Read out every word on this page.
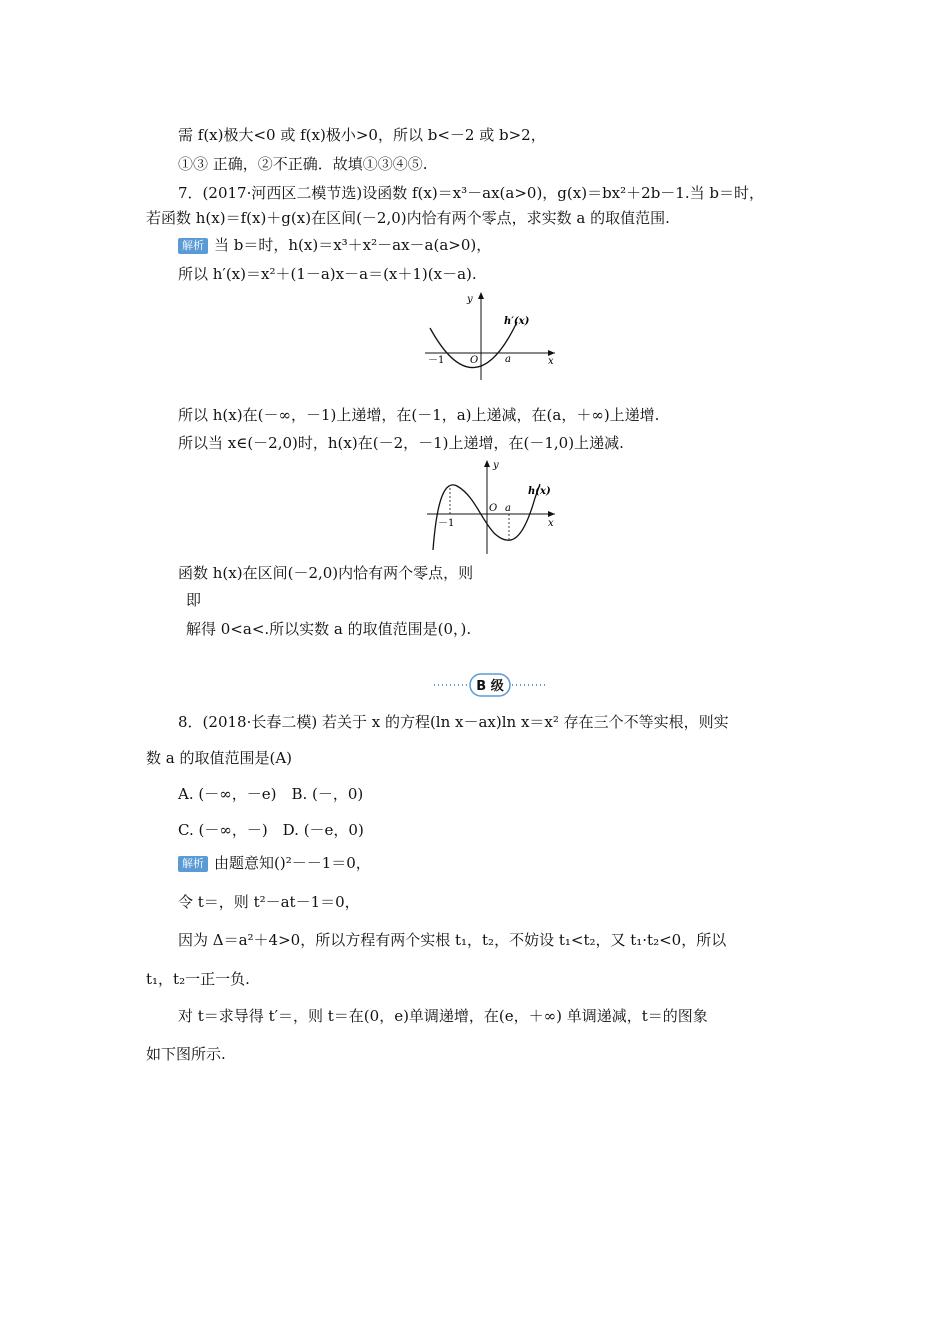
需 f(x)极大<0 或 f(x)极小>0，所以 b<－2 或 b>2，
①③ 正确，②不正确．故填①③④⑤.
7．(2017·河西区二模节选)设函数 f(x)＝x³－ax(a>0)，g(x)＝bx²＋2b－1.当 b＝时，
若函数 h(x)＝f(x)＋g(x)在区间(－2,0)内恰有两个零点，求实数 a 的取值范围.
解析 当 b＝时，h(x)＝x³＋x²－ax－a(a>0)，
所以 h′(x)＝x²＋(1－a)x－a＝(x＋1)(x－a).
y
x
h′(x)
O	a
－1
所以 h(x)在(－∞，－1)上递增，在(－1，a)上递减，在(a，＋∞)上递增.
所以当 x∈(－2,0)时，h(x)在(－2，－1)上递增，在(－1,0)上递减.
y
x
h(x)
O a
－1
函数 h(x)在区间(－2,0)内恰有两个零点，则
即
解得 0<a<.所以实数 a 的取值范围是(0，).
B 级
8．(2018·长春二模) 若关于 x 的方程(ln x－ax)ln x＝x² 存在三个不等实根，则实
数 a 的取值范围是(A)
A. (－∞，－e)　B. (－，0)
C. (－∞，－)　D. (－e，0)
解析 由题意知()²－－1＝0，
令 t＝，则 t²－at－1＝0，
因为 Δ＝a²＋4>0，所以方程有两个实根 t₁，t₂，不妨设 t₁<t₂，又 t₁·t₂<0，所以
t₁，t₂一正一负.
对 t＝求导得 t′＝，则 t＝在(0，e)单调递增，在(e，＋∞) 单调递减，t＝的图象
如下图所示.
